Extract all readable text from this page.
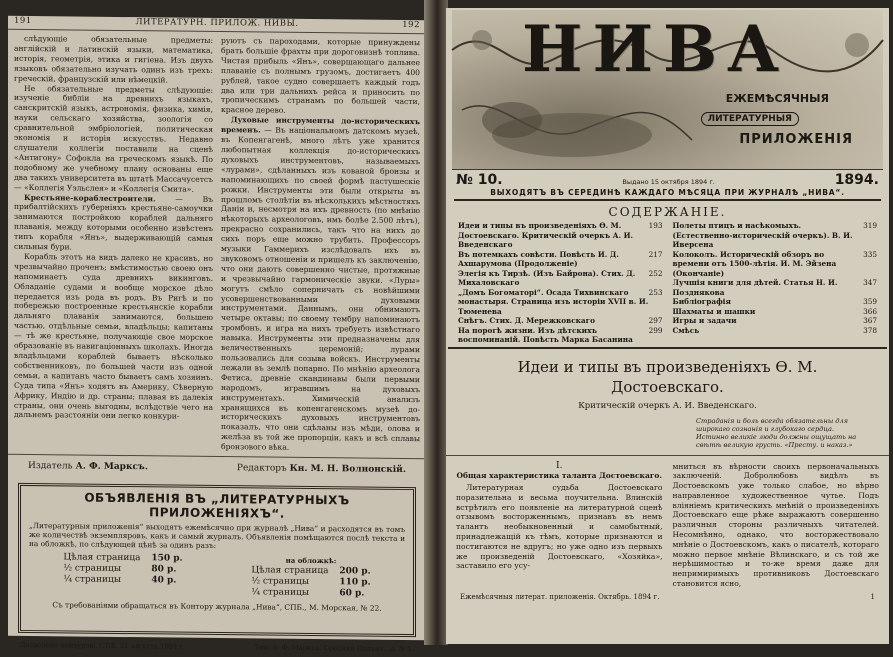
191	ЛИТЕРАТУРН. ПРИЛОЖ. НИВЫ.	192

слѣдующіе обязательные предметы: англійскій и латинскій языки, математика, исторія, геометрія, этика и гигіена. Изъ двухъ языковъ обязательно изучать одинъ изъ трехъ: греческій, французскій или нѣмецкій.

Не обязательные предметы слѣдующіе: изученіе библіи на древнихъ языкахъ, санскритскій языкъ, астрономія, физика, химія, науки сельскаго хозяйства, зоологія со сравнительной эмбріологіей, политическая экономія и исторія искусствъ. Недавно слушатели коллегіи поставили на сценѣ «Антигону» Софокла на греческомъ языкѣ. По подобному же учебному плану основаны еще два такихъ университета въ штатѣ Массачусетсъ — «Коллегія Уэльслея» и «Коллегія Смита».

Крестьяне-кораблестроители.	— Въ прибалтійскихъ губерніяхъ крестьяне-самоучки занимаются постройкою кораблей дальняго плаванія, между которыми особенно извѣстенъ типъ корабля «Янъ», выдерживающій самыя сильныя бури.

Корабль этотъ на видъ далеко не красивъ, но чрезвычайно проченъ; вмѣстимостью своею онъ напоминаетъ суда древнихъ викинговъ. Обладаніе судами и вообще морское дѣло передается изъ рода въ родъ. Въ Ригѣ и по побережью построенные крестьянскіе корабли дальняго плаванія занимаются, большею частью, отдѣльные семьи, владѣльцы; капитаны — тѣ же крестьяне, получающіе свое морское образованіе въ навигаціонныхъ школахъ. Иногда владѣльцами кораблей бываетъ нѣсколько собственниковъ, по большей части изъ одной семьи, а капитанъ часто бываетъ самъ хозяинъ. Суда типа «Янъ» ходятъ въ Америку, Сѣверную Африку, Индію и др. страны; плавая въ далекія страны, они очень выгодны, вслѣдствіе чего на дальнемъ разстояніи они легко конкури-

руютъ съ пароходами, которые принуждены брать большіе фрахты при дороговизнѣ топлива. Чистая прибыль «Янъ», совершающаго дальнее плаваніе съ полнымъ грузомъ, достигаетъ 400 рублей, такое судно совершаетъ каждый годъ два или три дальнихъ рейса и приносить по тропическимъ странамъ по большей части, красное дерево.

Духовые инструменты до-историческихъ временъ. — Въ національномъ датскомъ музеѣ, въ Копенгагенѣ, много лѣтъ уже хранится любопытная коллекція до-историческихъ духовыхъ инструментовъ, называемыхъ «лурами», сдѣланныхъ изъ кованой бронзы и напоминающихъ по своей формѣ пастушескіе рожки. Инструменты эти были открыты въ прошломъ столѣтіи въ нѣсколькихъ мѣстностяхъ Даніи и, несмотря на ихъ древность (по мнѣнію нѣкоторыхъ археологовъ, имъ болѣе 2.500 лѣтъ), прекрасно сохранились, такъ что на нихъ до сихъ поръ еще можно трубить. Профессоръ музыки Гаммерихъ изслѣдовалъ ихъ въ звуковомъ отношеніи и пришелъ къ заключенію, что они даютъ совершенно чистые, протяжные и чрезвычайно гармоническіе звуки. «Луры» могутъ смѣло соперничать съ новѣйшими усовершенствованными духовыми инструментами. Даннымъ, они обнимаютъ четыре октавы; по своему тембру напоминаютъ тромбонъ, и игра на нихъ требуетъ извѣстнаго навыка. Инструменты эти предназначены для величественныхъ церемоній; лурами пользовались для созыва войскъ. Инструменты лежали въ землѣ попарно. По мнѣнію археолога Фетиса, древніе скандинавы были первыми народомъ, игравшимъ на духовыхъ инструментахъ. Химическій анализъ хранящихся въ копенгагенскомъ музеѣ до-историческихъ духовыхъ инструментовъ показалъ, что они сдѣланы изъ мѣди, олова и желѣза въ той же пропорціи, какъ и всѣ сплавы бронзового вѣка.

Издатель А. Ф. Марксъ.	Редакторъ Кн. М. Н. Волнонскій.
ОБЪЯВЛЕНІЯ ВЪ „ЛИТЕРАТУРНЫХЪ ПРИЛОЖЕНІЯХЪ“.
„Литературныя приложенія“ выходятъ ежемѣсячно при журналѣ „Нива“ и расходятся въ томъ же количествѣ экземпляровъ, какъ и самый журналъ. Объявленія помѣщаются послѣ текста и на обложкѣ, по слѣдующей цѣнѣ за одинъ разъ:
Цѣлая страница	150 р.
½ страницы	80 р.
¼ страницы	40 р.
на обложкѣ:
Цѣлая страница	200 р.
½ страницы	110 р.
¼ страницы	60 р.
Съ требованіями обращаться въ Контору журнала „Нива“, СПБ., М. Морская, № 22.
Дозволено цензурою. СПБ. 21 августа 1894 г.	Тип. А. Ф. Маркса. Средняя Подъяч., д. № 1.
НИВА
ЕЖЕМѢСЯЧНЫЯ
ЛИТЕРАТУРНЫЯ
ПРИЛОЖЕНІЯ
№ 10.	Выдано 15 октября 1894 г.	1894.
ВЫХОДЯТЪ ВЪ СЕРЕДИНѢ КАЖДАГО МѢСЯЦА ПРИ ЖУРНАЛѢ „НИВА“.
СОДЕРЖАНІЕ.
Идеи и типы въ произведеніяхъ Ѳ. М. Достоевскаго. Критическій очеркъ А. И. Введенскаго
193
Въ потемкахъ совѣсти. Повѣсть И. Д. Ахшарумова (Продолженіе)
217
Элегія къ Тирзѣ. (Изъ Байрона). Стих. Д. Михаловскаго
252
„Домъ Богоматорі“. Осада Тихвинскаго монастыря. Страница изъ исторіи XVII в. И. Тюменева
253
Снѣгъ. Стих. Д. Мережковскаго	297
На порогѣ жизни. Изъ дѣтскихъ воспоминаній. Повѣсть Марка Басанина
299
Полеты птицъ и насѣкомыхъ. (Естественно-историческій очеркъ). В. И. Иверсена
319
Колоколъ. Историческій обзоръ во времени отъ 1500-лѣтія. И. М. Эйзена (Окончаніе)
335
Лучшія книги для дѣтей. Статья Н. И. Позднякова
347
Библіографія	359
Шахматы и шашки	366
Игры и задачи	367
Смѣсь	378
Идеи и типы въ произведеніяхъ Ѳ. М. Достоевскаго.
Критическій очеркъ А. И. Введенскаго.
Страданія и боль всегда обязательны для широкаго сознанія и глубокаго сердца. Истинно великіе люди должны ощущать на свѣтѣ великую грусть. «Престу. и наказ.»
I.
Общая характеристика таланта Достоевскаго.

Литературная судьба Достоевскаго поразительна и весьма поучительна. Влинскій встрѣтилъ его появленіе на литературной сценѣ отзывомъ восторженнымъ, признавъ въ немъ талантъ необыкновенный и самобытный, принадлежащій къ тѣмъ, которые признаются и постигаются не вдругъ; но уже одно изъ первыхъ же произведеній Достоевскаго, «Хозяйка», заставило его усу-

мниться въ вѣрности своихъ первоначальныхъ заключеній. Добролюбовъ видѣлъ въ Достоевскомъ уже только слабое, но вѣрно направленное художественное чутье. Подъ вліяніемъ критическихъ мнѣній о произведеніяхъ Достоевскаго еще рѣже выражаютъ совершенно различныя стороны различныхъ читателей. Несомнѣнно, однако, что восторжествовало мнѣніе о Достоевскомъ, какъ о писателѣ, котораго можно первое мнѣніе Вѣлинскаго, и съ той же нерѣшимостью и то-же время даже для непримиримыхъ противниковъ Достоевскаго становится ясно,

Ежемѣсячныя литерат. приложенія. Октябрь. 1894 г.	1
